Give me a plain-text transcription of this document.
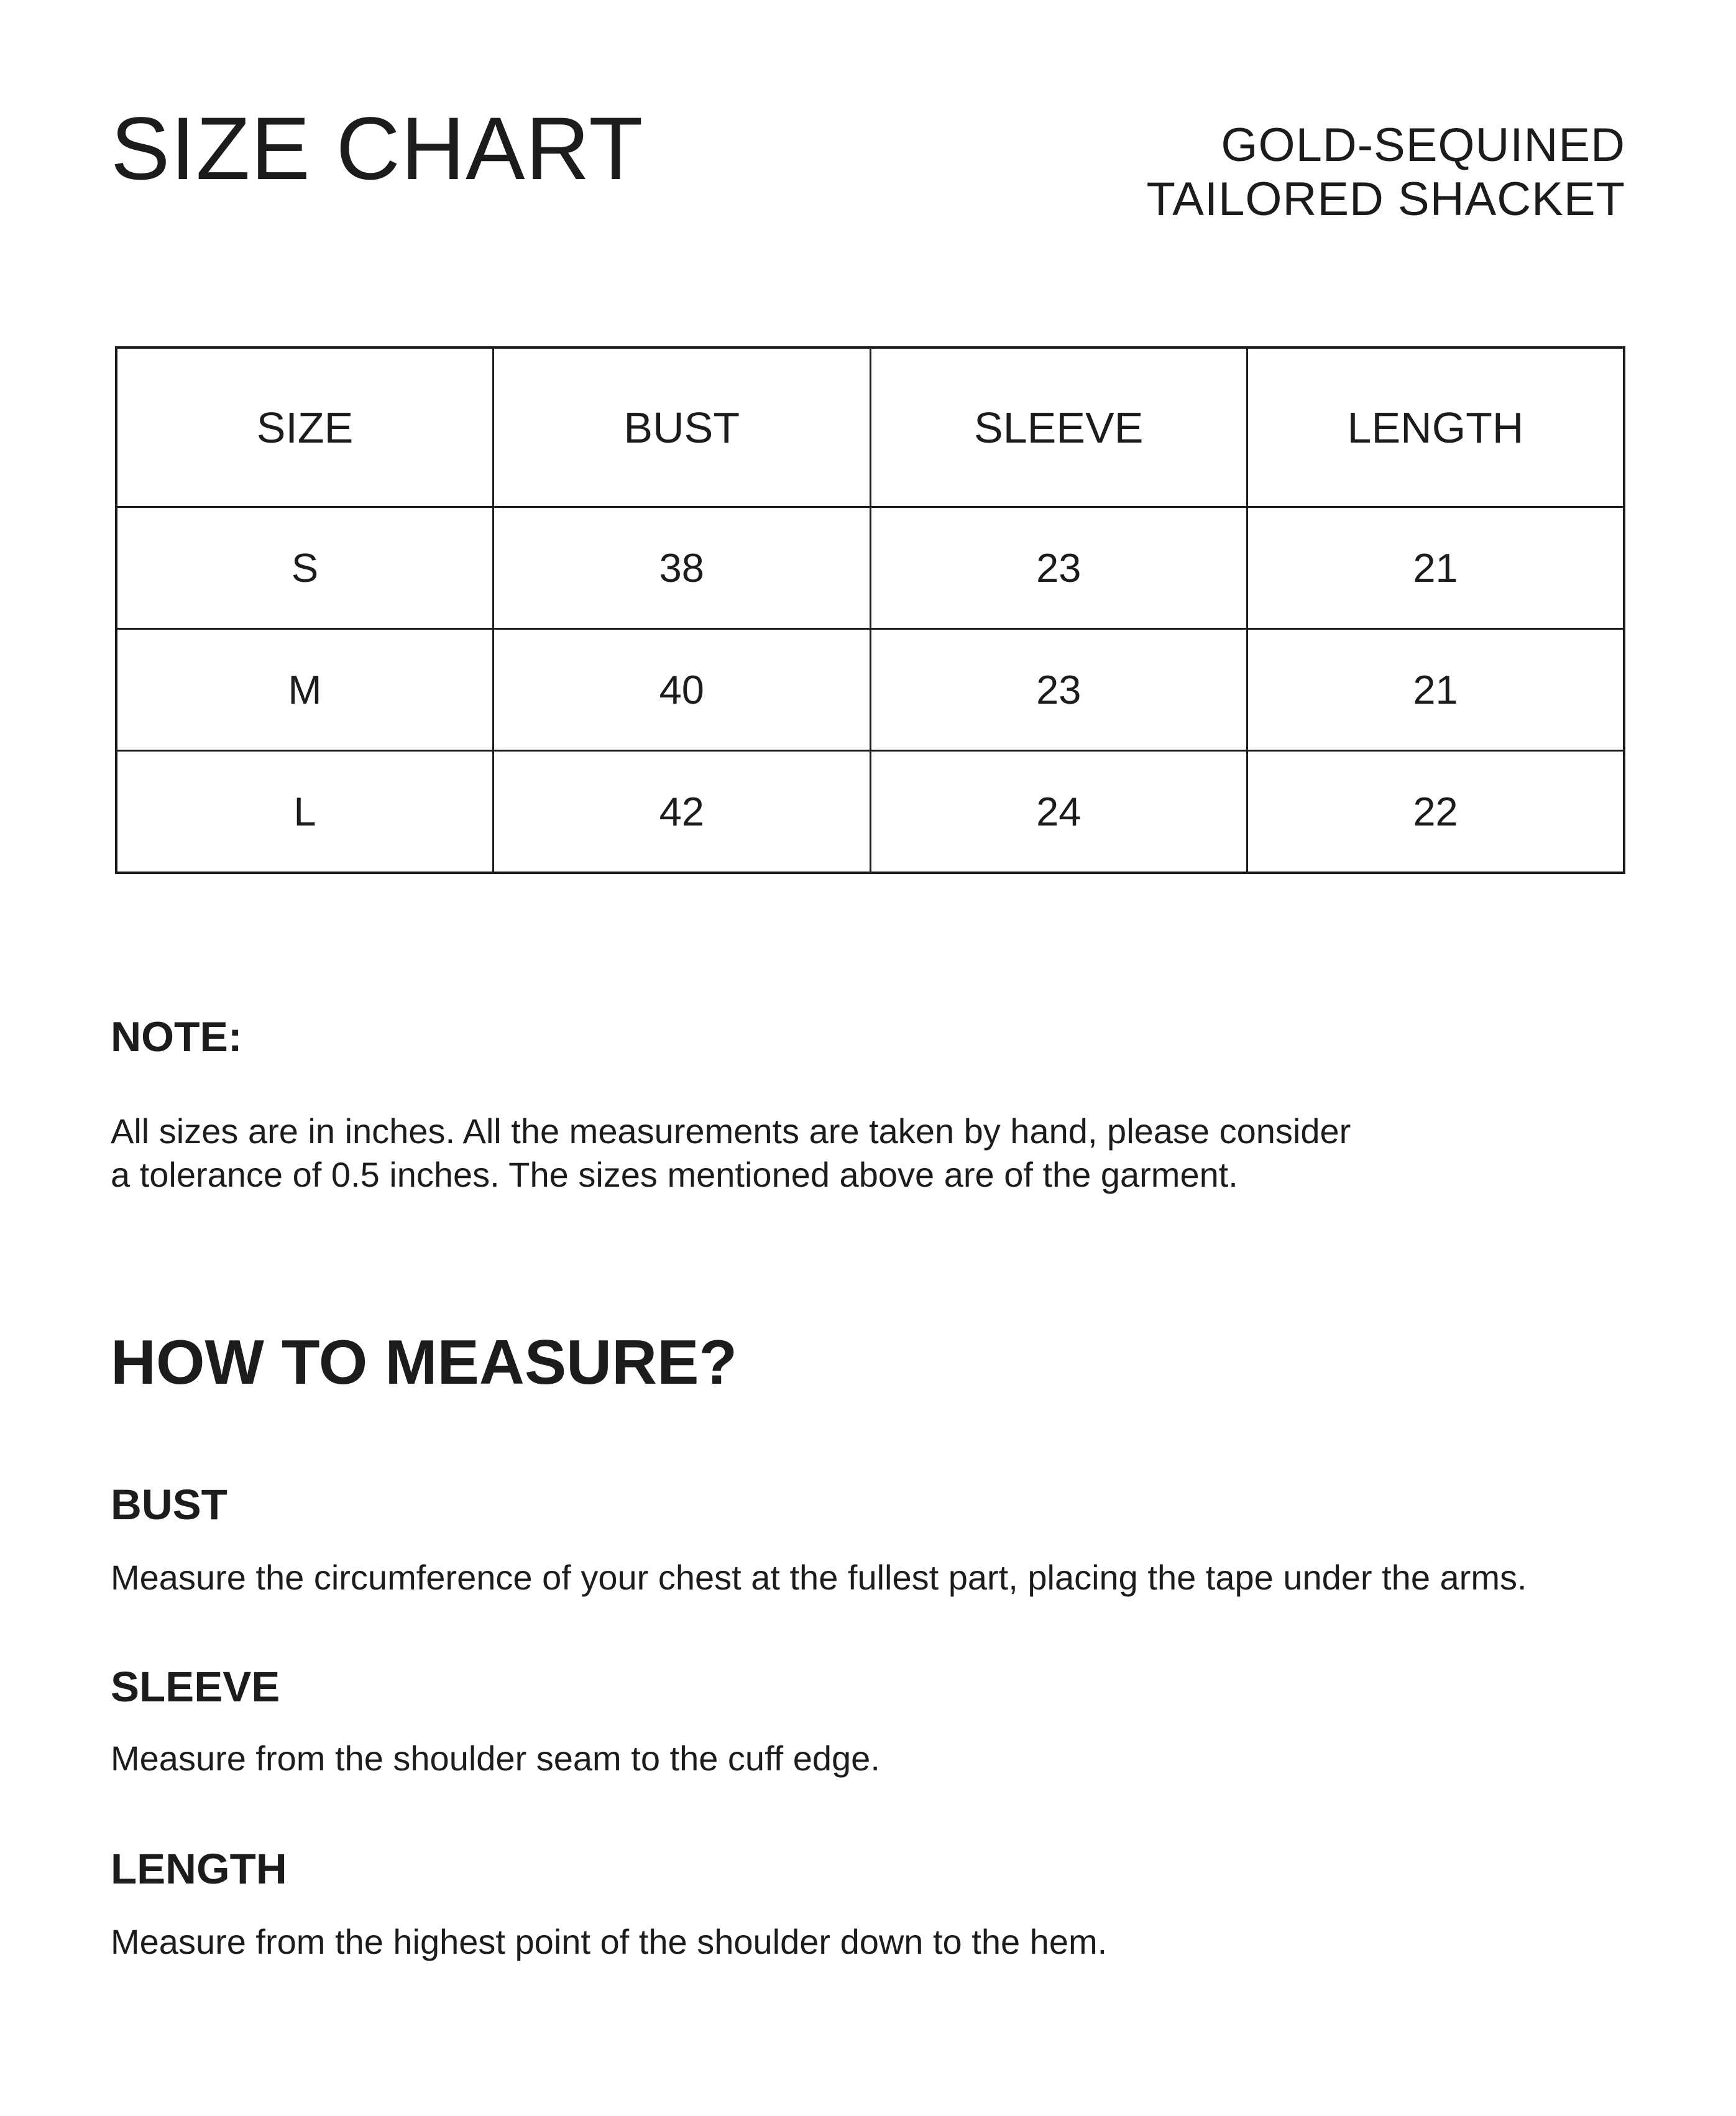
SIZE CHART	GOLD-SEQUINED
TAILORED SHACKET
SIZE	BUST	SLEEVE	LENGTH
S	38	23	21
M	40	23	21
L	42	24	22
NOTE:
All sizes are in inches. All the measurements are taken by hand, please consider
a tolerance of 0.5 inches. The sizes mentioned above are of the garment.
HOW TO MEASURE?
BUST
Measure the circumference of your chest at the fullest part, placing the tape under the arms.
SLEEVE
Measure from the shoulder seam to the cuff edge.
LENGTH
Measure from the highest point of the shoulder down to the hem.
